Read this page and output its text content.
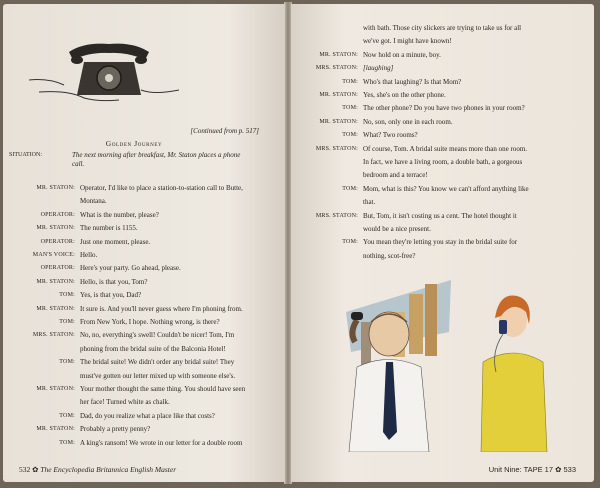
[Continued from p. 517]
Golden Journey
SITUATION:	The next morning after breakfast, Mr. Staton places a phone
call.
MR. STATON: Operator, I'd like to place a station-to-station call to Butte,
Montana.
OPERATOR: What is the number, please?
MR. STATON: The number is 1155.
OPERATOR: Just one moment, please.
MAN'S VOICE: Hello.
OPERATOR: Here's your party. Go ahead, please.
MR. STATON: Hello, is that you, Tom?
TOM: Yes, is that you, Dad?
MR. STATON: It sure is. And you'll never guess where I'm phoning from.
TOM: From New York, I hope. Nothing wrong, is there?
MRS. STATON: No, no, everything's swell! Couldn't be nicer! Tom, I'm
phoning from the bridal suite of the Balconia Hotel!
TOM: The bridal suite! We didn't order any bridal suite! They
must've gotten our letter mixed up with someone else's.
MR. STATON: Your mother thought the same thing. You should have seen
her face! Turned white as chalk.
TOM: Dad, do you realize what a place like that costs?
MR. STATON: Probably a pretty penny?
TOM: A king's ransom! We wrote in our letter for a double room
532 ✿ The Encyclopedia Britannica English Master
with bath. Those city slickers are trying to take us for all
we've got. I might have known!
MR. STATON: Now hold on a minute, boy.
MRS. STATON: [laughing]
TOM: Who's that laughing? Is that Mom?
MR. STATON: Yes, she's on the other phone.
TOM: The other phone? Do you have two phones in your room?
MR. STATON: No, son, only one in each room.
TOM: What? Two rooms?
MRS. STATON: Of course, Tom. A bridal suite means more than one room.
In fact, we have a living room, a double bath, a gorgeous
bedroom and a terrace!
TOM: Mom, what is this? You know we can't afford anything like
that.
MRS. STATON: But, Tom, it isn't costing us a cent. The hotel thought it
would be a nice present.
TOM: You mean they're letting you stay in the bridal suite for
nothing, scot-free?
Unit Nine: TAPE 17 ✿ 533
